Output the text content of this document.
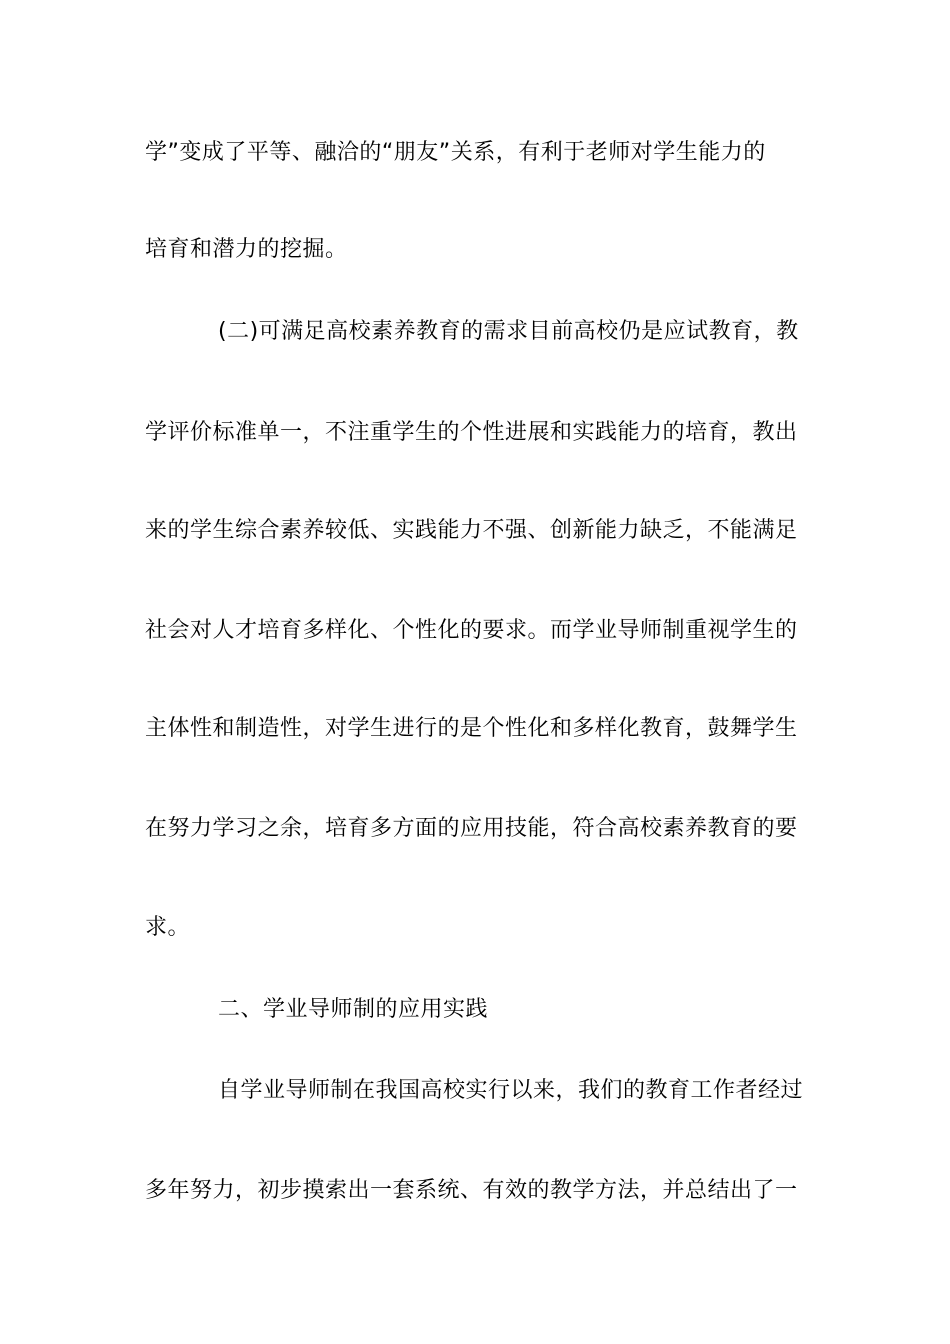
学”变成了平等、融洽的“朋友”关系，有利于老师对学生能力的
培育和潜力的挖掘。
(二)可满足高校素养教育的需求目前高校仍是应试教育，教
学评价标准单一，不注重学生的个性进展和实践能力的培育，教出
来的学生综合素养较低、实践能力不强、创新能力缺乏，不能满足
社会对人才培育多样化、个性化的要求。而学业导师制重视学生的
主体性和制造性，对学生进行的是个性化和多样化教育，鼓舞学生
在努力学习之余，培育多方面的应用技能，符合高校素养教育的要
求。
二、学业导师制的应用实践
自学业导师制在我国高校实行以来，我们的教育工作者经过
多年努力，初步摸索出一套系统、有效的教学方法，并总结出了一
